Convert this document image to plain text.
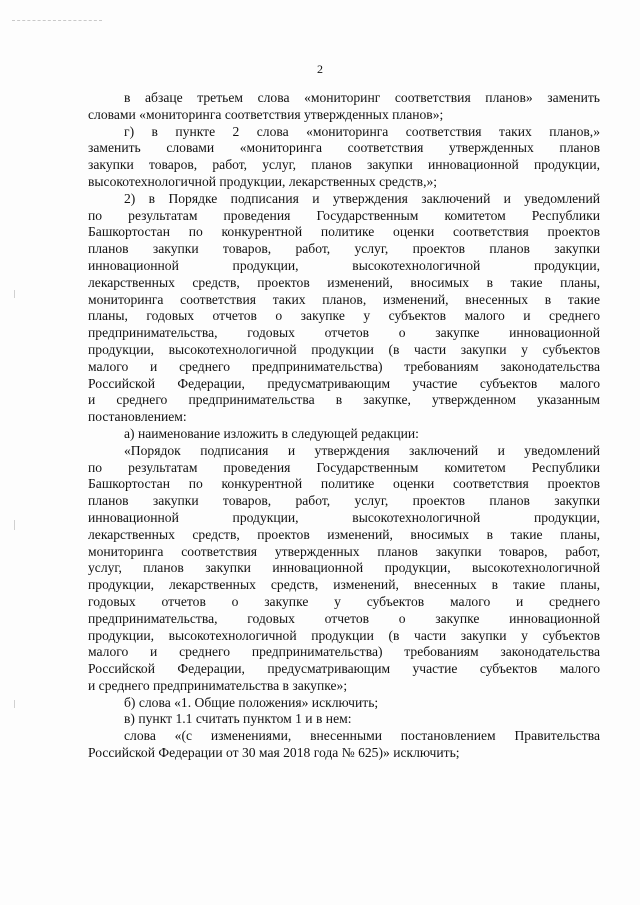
2
в абзаце третьем слова «мониторинг соответствия планов» заменить
словами «мониторинга соответствия утвержденных планов»;
г) в пункте 2 слова «мониторинга соответствия таких планов,»
заменить словами «мониторинга соответствия утвержденных планов
закупки товаров, работ, услуг, планов закупки инновационной продукции,
высокотехнологичной продукции, лекарственных средств,»;
2) в Порядке подписания и утверждения заключений и уведомлений
по результатам проведения Государственным комитетом Республики
Башкортостан по конкурентной политике оценки соответствия проектов
планов закупки товаров, работ, услуг, проектов планов закупки
инновационной продукции, высокотехнологичной продукции,
лекарственных средств, проектов изменений, вносимых в такие планы,
мониторинга соответствия таких планов, изменений, внесенных в такие
планы, годовых отчетов о закупке у субъектов малого и среднего
предпринимательства, годовых отчетов о закупке инновационной
продукции, высокотехнологичной продукции (в части закупки у субъектов
малого и среднего предпринимательства) требованиям законодательства
Российской Федерации, предусматривающим участие субъектов малого
и среднего предпринимательства в закупке, утвержденном указанным
постановлением:
а) наименование изложить в следующей редакции:
«Порядок подписания и утверждения заключений и уведомлений
по результатам проведения Государственным комитетом Республики
Башкортостан по конкурентной политике оценки соответствия проектов
планов закупки товаров, работ, услуг, проектов планов закупки
инновационной продукции, высокотехнологичной продукции,
лекарственных средств, проектов изменений, вносимых в такие планы,
мониторинга соответствия утвержденных планов закупки товаров, работ,
услуг, планов закупки инновационной продукции, высокотехнологичной
продукции, лекарственных средств, изменений, внесенных в такие планы,
годовых отчетов о закупке у субъектов малого и среднего
предпринимательства, годовых отчетов о закупке инновационной
продукции, высокотехнологичной продукции (в части закупки у субъектов
малого и среднего предпринимательства) требованиям законодательства
Российской Федерации, предусматривающим участие субъектов малого
и среднего предпринимательства в закупке»;
б) слова «1. Общие положения» исключить;
в) пункт 1.1 считать пунктом 1 и в нем:
слова «(с изменениями, внесенными постановлением Правительства
Российской Федерации от 30 мая 2018 года № 625)» исключить;
